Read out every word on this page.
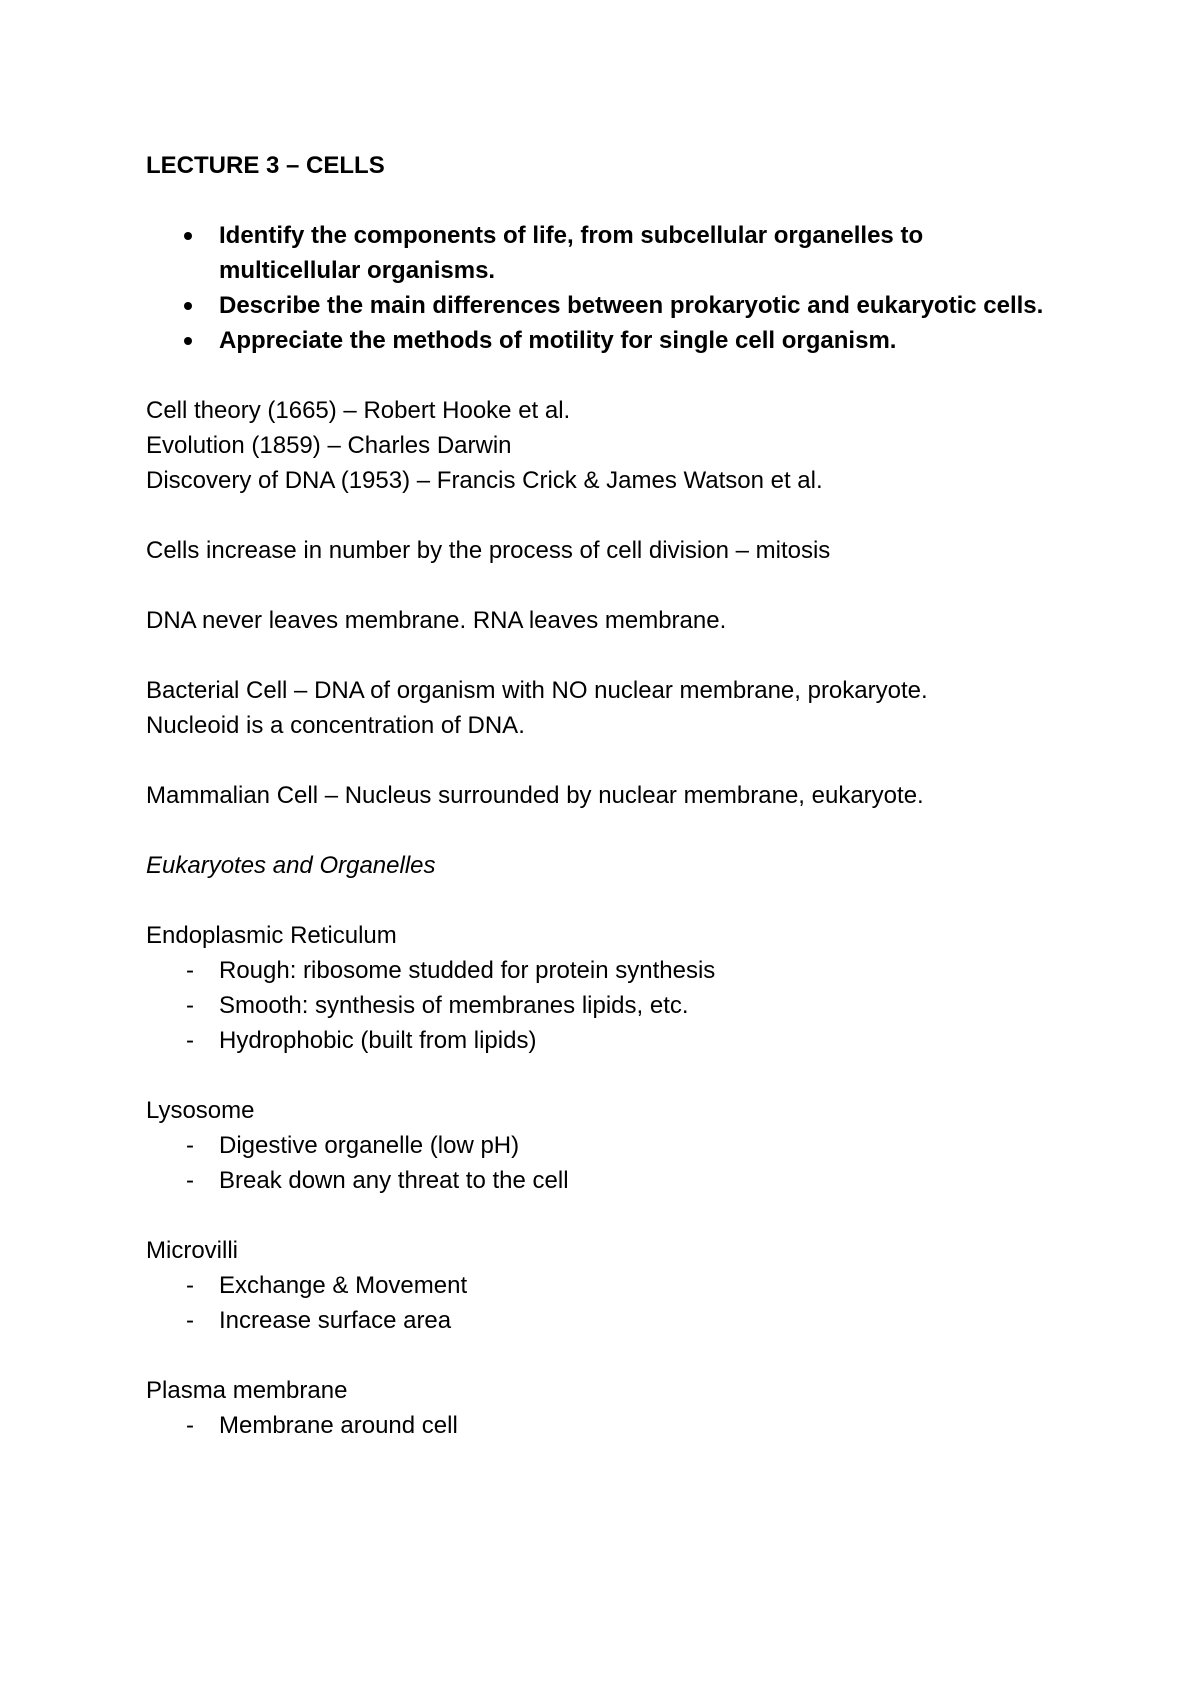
LECTURE 3 – CELLS
Identify the components of life, from subcellular organelles to multicellular organisms.
Describe the main differences between prokaryotic and eukaryotic cells.
Appreciate the methods of motility for single cell organism.
Cell theory (1665) – Robert Hooke et al.
Evolution (1859) – Charles Darwin
Discovery of DNA (1953) – Francis Crick & James Watson et al.
Cells increase in number by the process of cell division – mitosis
DNA never leaves membrane. RNA leaves membrane.
Bacterial Cell – DNA of organism with NO nuclear membrane, prokaryote.
Nucleoid is a concentration of DNA.
Mammalian Cell – Nucleus surrounded by nuclear membrane, eukaryote.
Eukaryotes and Organelles
Endoplasmic Reticulum
- Rough: ribosome studded for protein synthesis
- Smooth: synthesis of membranes lipids, etc.
- Hydrophobic (built from lipids)
Lysosome
- Digestive organelle (low pH)
- Break down any threat to the cell
Microvilli
- Exchange & Movement
- Increase surface area
Plasma membrane
- Membrane around cell
